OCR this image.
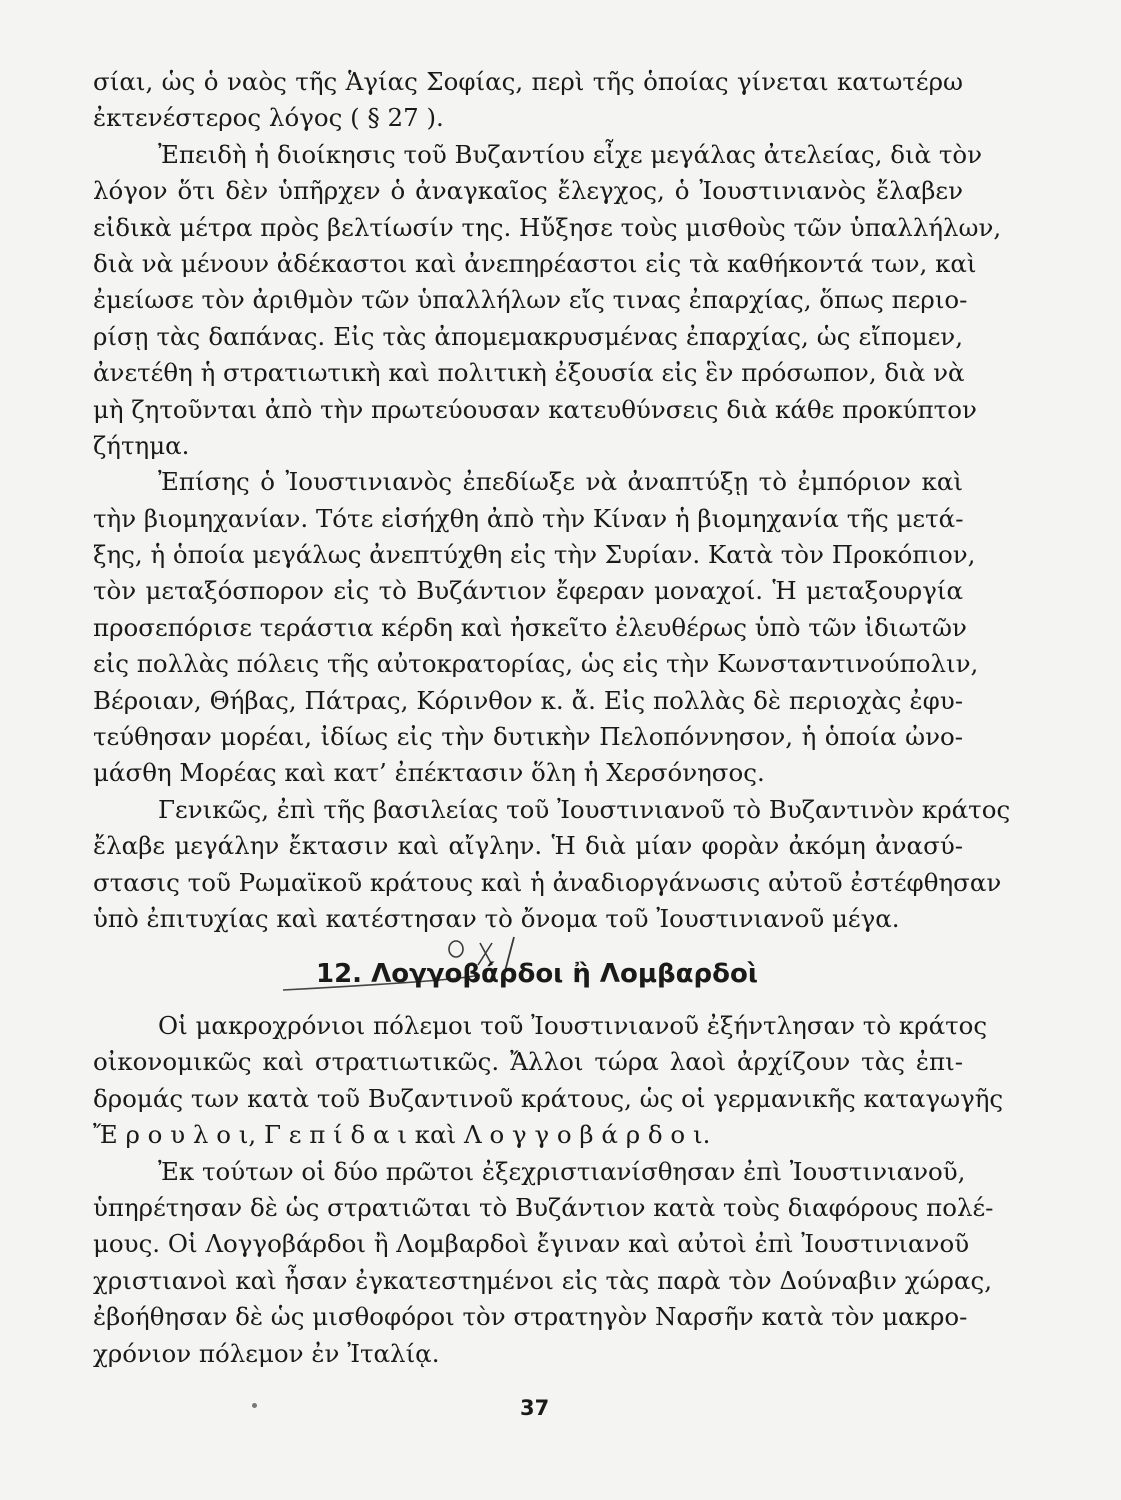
σίαι, ὡς ὁ ναὸς τῆς Ἁγίας Σοφίας, περὶ τῆς ὁποίας γίνεται κατωτέρω
ἐκτενέστερος λόγος ( § 27 ).
Ἐπειδὴ ἡ διοίκησις τοῦ Βυζαντίου εἶχε μεγάλας ἀτελείας, διὰ τὸν
λόγον ὅτι δὲν ὑπῆρχεν ὁ ἀναγκαῖος ἔλεγχος, ὁ Ἰουστινιανὸς ἔλαβεν
εἰδικὰ μέτρα πρὸς βελτίωσίν της. Ηὔξησε τοὺς μισθοὺς τῶν ὑπαλλήλων,
διὰ νὰ μένουν ἀδέκαστοι καὶ ἀνεπηρέαστοι εἰς τὰ καθήκοντά των, καὶ
ἐμείωσε τὸν ἀριθμὸν τῶν ὑπαλλήλων εἴς τινας ἐπαρχίας, ὅπως περιο-
ρίσῃ τὰς δαπάνας. Εἰς τὰς ἀπομεμακρυσμένας ἐπαρχίας, ὡς εἴπομεν,
ἀνετέθη ἡ στρατιωτικὴ καὶ πολιτικὴ ἐξουσία εἰς ἓν πρόσωπον, διὰ νὰ
μὴ ζητοῦνται ἀπὸ τὴν πρωτεύουσαν κατευθύνσεις διὰ κάθε προκύπτον
ζήτημα.
Ἐπίσης ὁ Ἰουστινιανὸς ἐπεδίωξε νὰ ἀναπτύξῃ τὸ ἐμπόριον καὶ
τὴν βιομηχανίαν. Τότε εἰσήχθη ἀπὸ τὴν Κίναν ἡ βιομηχανία τῆς μετά-
ξης, ἡ ὁποία μεγάλως ἀνεπτύχθη εἰς τὴν Συρίαν. Κατὰ τὸν Προκόπιον,
τὸν μεταξόσπορον εἰς τὸ Βυζάντιον ἔφεραν μοναχοί. Ἡ μεταξουργία
προσεπόρισε τεράστια κέρδη καὶ ἠσκεῖτο ἐλευθέρως ὑπὸ τῶν ἰδιωτῶν
εἰς πολλὰς πόλεις τῆς αὐτοκρατορίας, ὡς εἰς τὴν Κωνσταντινούπολιν,
Βέροιαν, Θήβας, Πάτρας, Κόρινθον κ. ἄ. Εἰς πολλὰς δὲ περιοχὰς ἐφυ-
τεύθησαν μορέαι, ἰδίως εἰς τὴν δυτικὴν Πελοπόννησον, ἡ ὁποία ὠνο-
μάσθη Μορέας καὶ κατ’ ἐπέκτασιν ὅλη ἡ Χερσόνησος.
Γενικῶς, ἐπὶ τῆς βασιλείας τοῦ Ἰουστινιανοῦ τὸ Βυζαντινὸν κράτος
ἔλαβε μεγάλην ἔκτασιν καὶ αἴγλην. Ἡ διὰ μίαν φορὰν ἀκόμη ἀνασύ-
στασις τοῦ Ρωμαϊκοῦ κράτους καὶ ἡ ἀναδιοργάνωσις αὐτοῦ ἐστέφθησαν
ὑπὸ ἐπιτυχίας καὶ κατέστησαν τὸ ὄνομα τοῦ Ἰουστινιανοῦ μέγα.
12. Λογγοβάρδοι ἢ Λομβαρδοὶ
Οἱ μακροχρόνιοι πόλεμοι τοῦ Ἰουστινιανοῦ ἐξήντλησαν τὸ κράτος
οἰκονομικῶς καὶ στρατιωτικῶς. Ἄλλοι τώρα λαοὶ ἀρχίζουν τὰς ἐπι-
δρομάς των κατὰ τοῦ Βυζαντινοῦ κράτους, ὡς οἱ γερμανικῆς καταγωγῆς
Ἔ ρ ο υ λ ο ι, Γ ε π ί δ α ι καὶ Λ ο γ γ ο β ά ρ δ ο ι.
Ἐκ τούτων οἱ δύο πρῶτοι ἐξεχριστιανίσθησαν ἐπὶ Ἰουστινιανοῦ,
ὑπηρέτησαν δὲ ὡς στρατιῶται τὸ Βυζάντιον κατὰ τοὺς διαφόρους πολέ-
μους. Οἱ Λογγοβάρδοι ἢ Λομβαρδοὶ ἔγιναν καὶ αὐτοὶ ἐπὶ Ἰουστινιανοῦ
χριστιανοὶ καὶ ἦσαν ἐγκατεστημένοι εἰς τὰς παρὰ τὸν Δούναβιν χώρας,
ἐβοήθησαν δὲ ὡς μισθοφόροι τὸν στρατηγὸν Ναρσῆν κατὰ τὸν μακρο-
χρόνιον πόλεμον ἐν Ἰταλίᾳ.
37
